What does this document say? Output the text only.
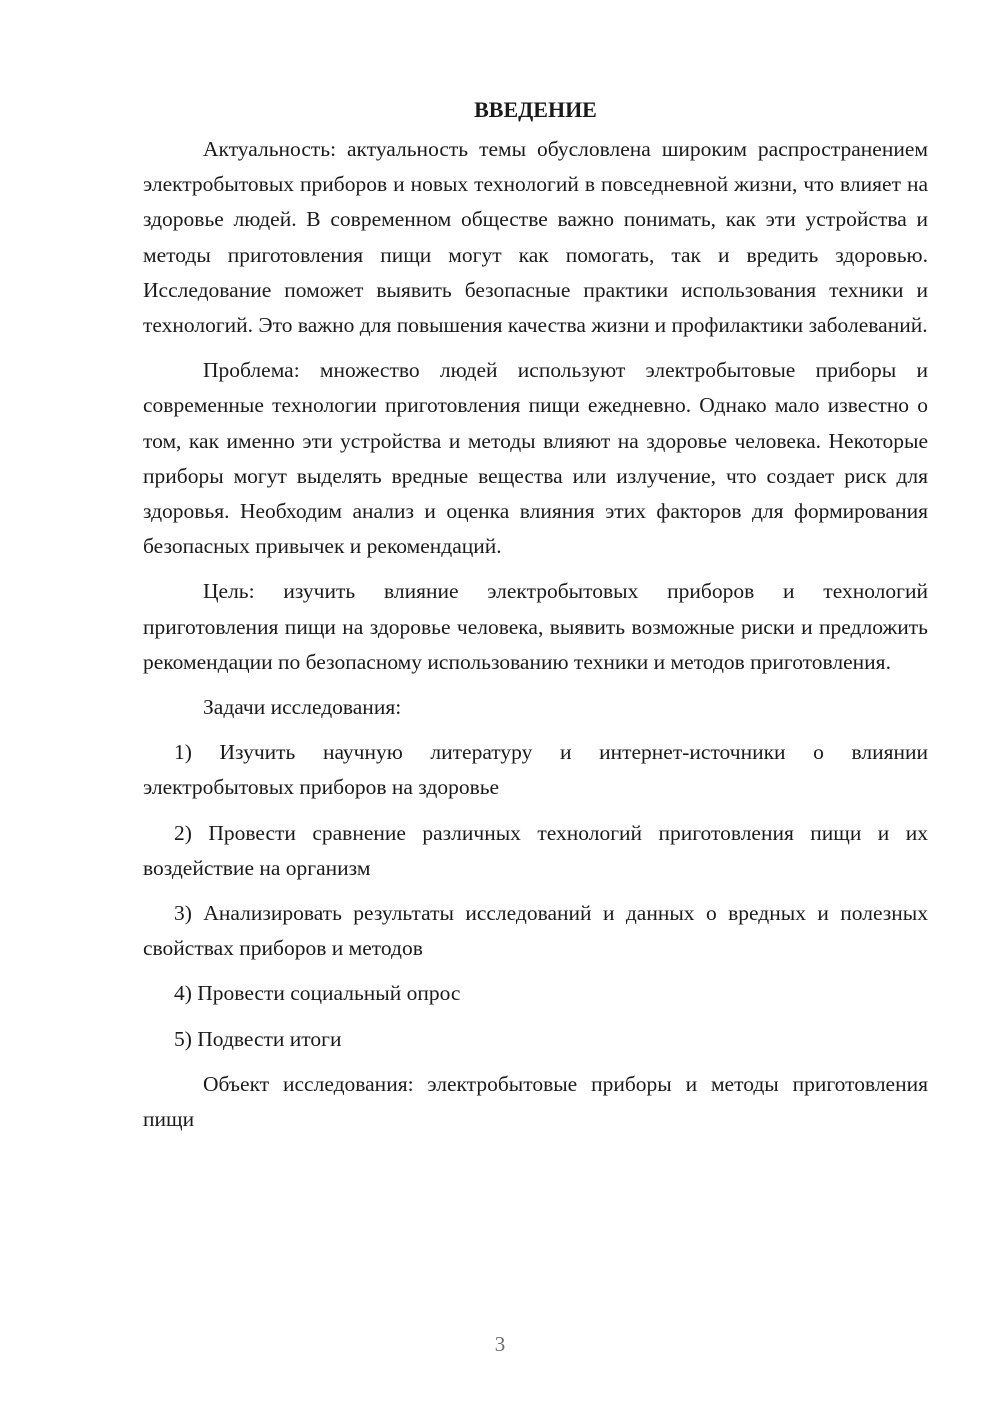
ВВЕДЕНИЕ

Актуальность: актуальность темы обусловлена широким распространением электробытовых приборов и новых технологий в повседневной жизни, что влияет на здоровье людей. В современном обществе важно понимать, как эти устройства и методы приготовления пищи могут как помогать, так и вредить здоровью. Исследование поможет выявить безопасные практики использования техники и технологий. Это важно для повышения качества жизни и профилактики заболеваний.

Проблема: множество людей используют электробытовые приборы и современные технологии приготовления пищи ежедневно. Однако мало известно о том, как именно эти устройства и методы влияют на здоровье человека. Некоторые приборы могут выделять вредные вещества или излучение, что создает риск для здоровья. Необходим анализ и оценка влияния этих факторов для формирования безопасных привычек и рекомендаций.

Цель: изучить влияние электробытовых приборов и технологий приготовления пищи на здоровье человека, выявить возможные риски и предложить рекомендации по безопасному использованию техники и методов приготовления.

Задачи исследования:

1) Изучить научную литературу и интернет-источники о влиянии электробытовых приборов на здоровье

2) Провести сравнение различных технологий приготовления пищи и их воздействие на организм

3) Анализировать результаты исследований и данных о вредных и полезных свойствах приборов и методов

4) Провести социальный опрос

5) Подвести итоги

Объект исследования: электробытовые приборы и методы приготовления пищи

3
